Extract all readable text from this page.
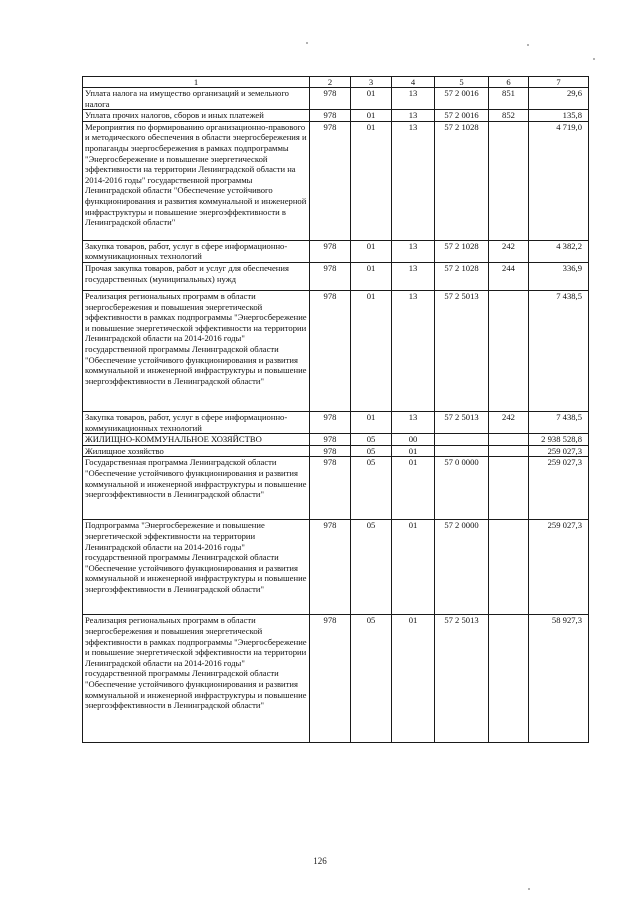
1	2	3	4	5	6	7
Уплата налога на имущество организаций и земельного налога	978	01	13	57 2 0016	851	29,6
Уплата прочих налогов, сборов и иных платежей	978	01	13	57 2 0016	852	135,8
Мероприятия по формированию организационно-правового и методического обеспечения в области энергосбережения и пропаганды энергосбережения в рамках подпрограммы "Энергосбережение и повышение энергетической эффективности на территории Ленинградской области на 2014-2016 годы" государственной программы Ленинградской области "Обеспечение устойчивого функционирования и развития коммунальной и инженерной инфраструктуры и повышение энергоэффективности в Ленинградской области"	978	01	13	57 2 1028		4 719,0
Закупка товаров, работ, услуг в сфере информационно-коммуникационных технологий	978	01	13	57 2 1028	242	4 382,2
Прочая закупка товаров, работ и услуг для обеспечения государственных (муниципальных) нужд	978	01	13	57 2 1028	244	336,9
Реализация региональных программ в области энергосбережения и повышения энергетической эффективности в рамках подпрограммы "Энергосбережение и повышение энергетической эффективности на территории Ленинградской области на 2014-2016 годы" государственной программы Ленинградской области "Обеспечение устойчивого функционирования и развития коммунальной и инженерной инфраструктуры и повышение энергоэффективности в Ленинградской области"	978	01	13	57 2 5013		7 438,5
Закупка товаров, работ, услуг в сфере информационно-коммуникационных технологий	978	01	13	57 2 5013	242	7 438,5
ЖИЛИЩНО-КОММУНАЛЬНОЕ ХОЗЯЙСТВО	978	05	00			2 938 528,8
Жилищное хозяйство	978	05	01			259 027,3
Государственная программа Ленинградской области "Обеспечение устойчивого функционирования и развития коммунальной и инженерной инфраструктуры и повышение энергоэффективности в Ленинградской области"	978	05	01	57 0 0000		259 027,3
Подпрограмма "Энергосбережение и повышение энергетической эффективности на территории Ленинградской области на 2014-2016 годы" государственной программы Ленинградской области "Обеспечение устойчивого функционирования и развития коммунальной и инженерной инфраструктуры и повышение энергоэффективности в Ленинградской области"	978	05	01	57 2 0000		259 027,3
Реализация региональных программ в области энергосбережения и повышения энергетической эффективности в рамках подпрограммы "Энергосбережение и повышение энергетической эффективности на территории Ленинградской области на 2014-2016 годы" государственной программы Ленинградской области "Обеспечение устойчивого функционирования и развития коммунальной и инженерной инфраструктуры и повышение энергоэффективности в Ленинградской области"	978	05	01	57 2 5013		58 927,3
126
